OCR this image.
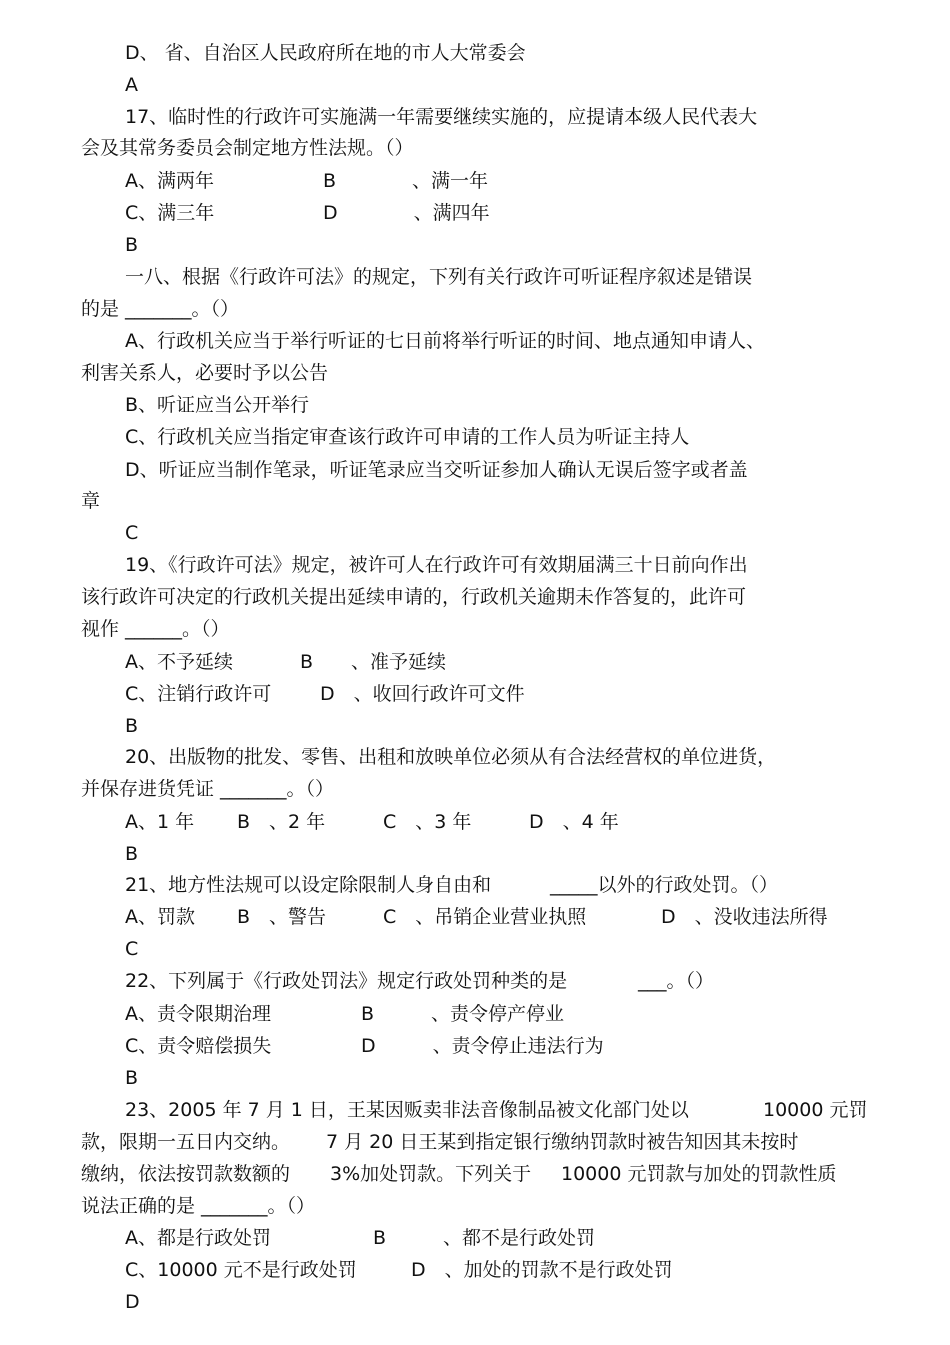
D、 省、自治区人民政府所在地的市人大常委会
A
17、临时性的行政许可实施满一年需要继续实施的，应提请本级人民代表大
会及其常务委员会制定地方性法规。（）
A、满两年	B　　　　、满一年
C、满三年	D　　　　、满四年
B
一八、根据《行政许可法》的规定，下列有关行政许可听证程序叙述是错误
的是 _______。（）
A、行政机关应当于举行听证的七日前将举行听证的时间、地点通知申请人、
利害关系人，必要时予以公告
B、听证应当公开举行
C、行政机关应当指定审查该行政许可申请的工作人员为听证主持人
D、听证应当制作笔录，听证笔录应当交听证参加人确认无误后签字或者盖
章
C
19、《行政许可法》规定，被许可人在行政许可有效期届满三十日前向作出
该行政许可决定的行政机关提出延续申请的，行政机关逾期未作答复的，此许可
视作 ______。（）
A、不予延续	B　　、准予延续
C、注销行政许可	D　、收回行政许可文件
B
20、出版物的批发、零售、出租和放映单位必须从有合法经营权的单位进货，
并保存进货凭证 _______。（）
A、1 年 B　、2 年	C　、3 年	D　、4 年
B
21、地方性法规可以设定除限制人身自由和	_____以外的行政处罚。（）
A、罚款 B　、警告	C　、吊销企业营业执照	D　、没收违法所得
C
22、下列属于《行政处罚法》规定行政处罚种类的是	___。（）
A、责令限期治理	B　　　、责令停产停业
C、责令赔偿损失	D　　　、责令停止违法行为
B
23、2005 年 7 月 1 日，王某因贩卖非法音像制品被文化部门处以	10000 元罚
款，限期一五日内交纳。 7 月 20 日王某到指定银行缴纳罚款时被告知因其未按时
缴纳，依法按罚款数额的 3%加处罚款。下列关于 10000 元罚款与加处的罚款性质
说法正确的是 _______。（）
A、都是行政处罚	B　　　、都不是行政处罚
C、10000 元不是行政处罚	D　、加处的罚款不是行政处罚
D
